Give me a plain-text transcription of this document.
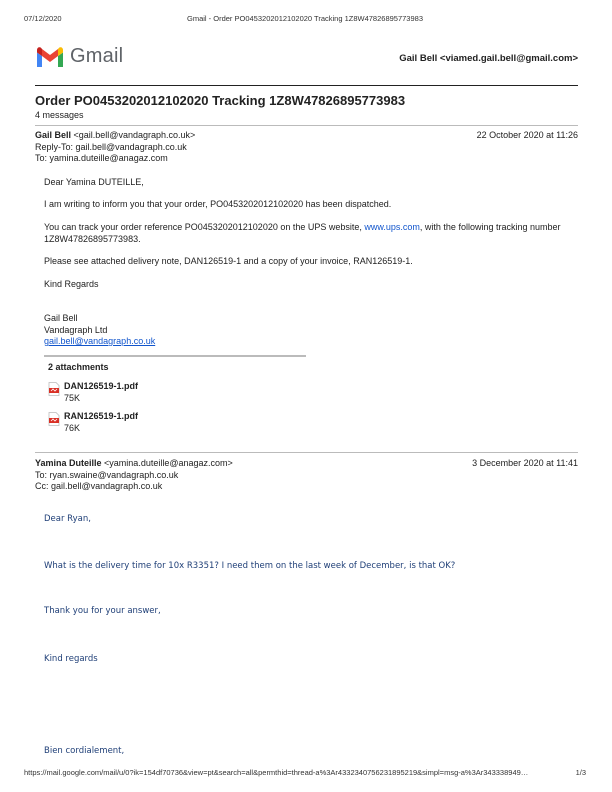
07/12/2020	Gmail - Order PO0453202012102020 Tracking 1Z8W47826895773983
Gmail	Gail Bell <viamed.gail.bell@gmail.com>
Order PO0453202012102020 Tracking 1Z8W47826895773983
4 messages
Gail Bell <gail.bell@vandagraph.co.uk>	22 October 2020 at 11:26
Reply-To: gail.bell@vandagraph.co.uk
To: yamina.duteille@anagaz.com
Dear Yamina DUTEILLE,
I am writing to inform you that your order, PO0453202012102020 has been dispatched.
You can track your order reference PO0453202012102020 on the UPS website, www.ups.com, with the following tracking number 1Z8W47826895773983.
Please see attached delivery note, DAN126519-1 and a copy of your invoice, RAN126519-1.
Kind Regards
Gail Bell
Vandagraph Ltd
gail.bell@vandagraph.co.uk
2 attachments
DAN126519-1.pdf
75K
RAN126519-1.pdf
76K
Yamina Duteille <yamina.duteille@anagaz.com>	3 December 2020 at 11:41
To: ryan.swaine@vandagraph.co.uk
Cc: gail.bell@vandagraph.co.uk
Dear Ryan,
What is the delivery time for 10x R3351? I need them on the last week of December, is that OK?
Thank you for your answer,
Kind regards
Bien cordialement,
https://mail.google.com/mail/u/0?ik=154df70736&view=pt&search=all&permthid=thread-a%3Ar4332340756231895219&simpl=msg-a%3Ar343338949…	1/3
